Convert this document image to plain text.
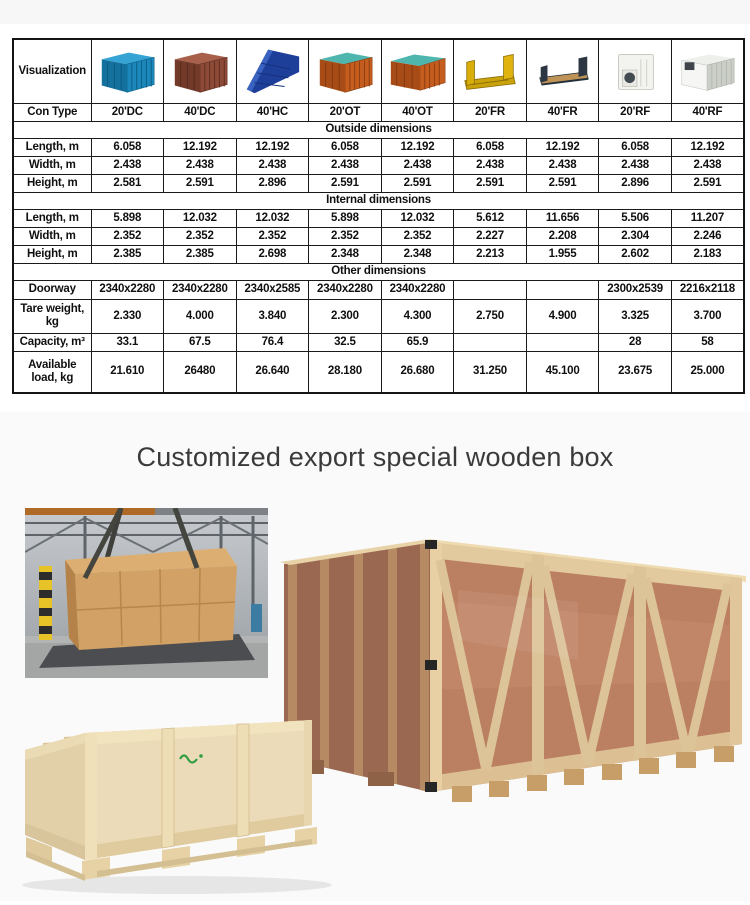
Visualization	

Con Type	20'DC	40'DC	40'HC	20'OT	40'OT	20'FR	40'FR	20'RF	40'RF
Outside dimensions									
Length, m	6.058	12.192	12.192	6.058	12.192	6.058	12.192	6.058	12.192
Width, m	2.438	2.438	2.438	2.438	2.438	2.438	2.438	2.438	2.438
Height, m	2.581	2.591	2.896	2.591	2.591	2.591	2.591	2.896	2.591
Internal dimensions									
Length, m	5.898	12.032	12.032	5.898	12.032	5.612	11.656	5.506	11.207
Width, m	2.352	2.352	2.352	2.352	2.352	2.227	2.208	2.304	2.246
Height, m	2.385	2.385	2.698	2.348	2.348	2.213	1.955	2.602	2.183
Other dimensions									
Doorway	2340x2280	2340x2280	2340x2585	2340x2280	2340x2280			2300x2539	2216x2118
Tare weight, kg	2.330	4.000	3.840	2.300	4.300	2.750	4.900	3.325	3.700
Capacity, m³	33.1	67.5	76.4	32.5	65.9			28	58
Available load, kg	21.610	26480	26.640	28.180	26.680	31.250	45.100	23.675	25.000
Customized export special wooden box
